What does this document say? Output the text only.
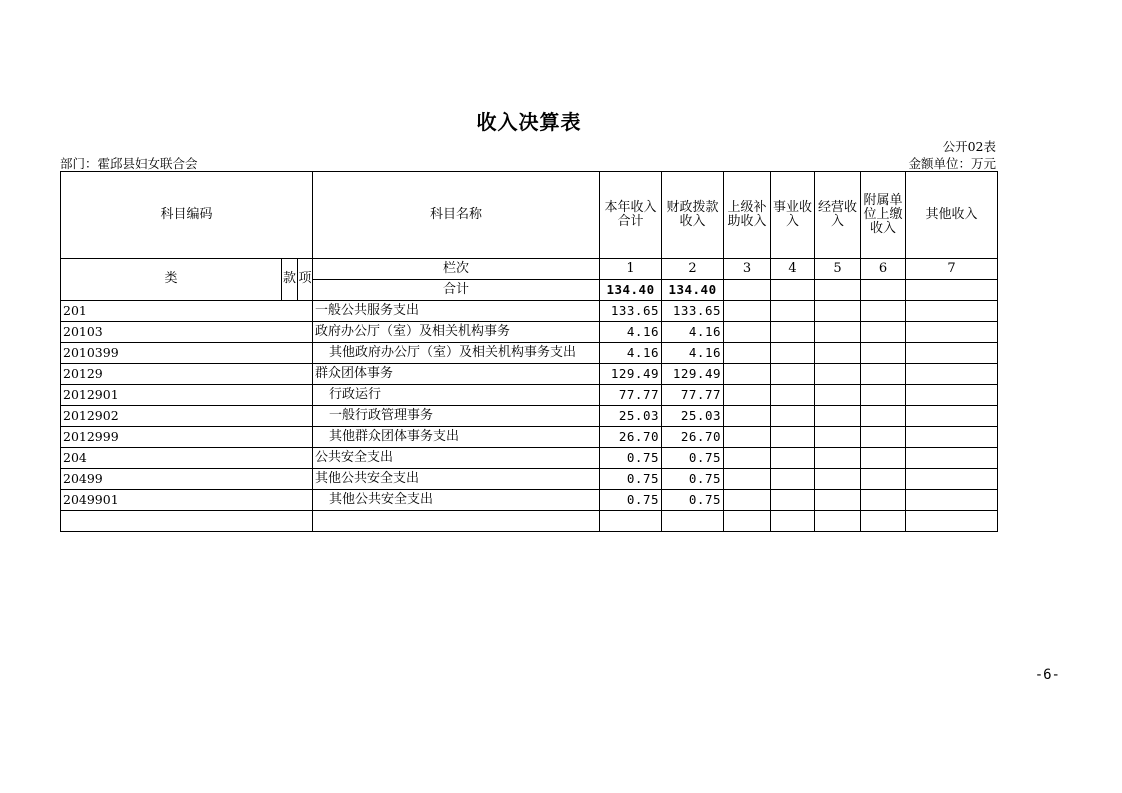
收入决算表
公开02表
部门：霍邱县妇女联合会	金额单位：万元
科目编码			科目名称	本年收入合计	财政拨款收入	上级补助收入	事业收入	经营收入	附属单位上缴收入	其他收入
类	款	项	栏次	1	2	3	4	5	6	7
			合计	134.40	134.40					
201			一般公共服务支出	133.65	133.65					
20103			政府办公厅（室）及相关机构事务	4.16	4.16					
2010399			其他政府办公厅（室）及相关机构事务支出	4.16	4.16					
20129			群众团体事务	129.49	129.49					
2012901			行政运行	77.77	77.77					
2012902			一般行政管理事务	25.03	25.03					
2012999			其他群众团体事务支出	26.70	26.70					
204			公共安全支出	0.75	0.75					
20499			其他公共安全支出	0.75	0.75					
2049901			其他公共安全支出	0.75	0.75					

-6-
